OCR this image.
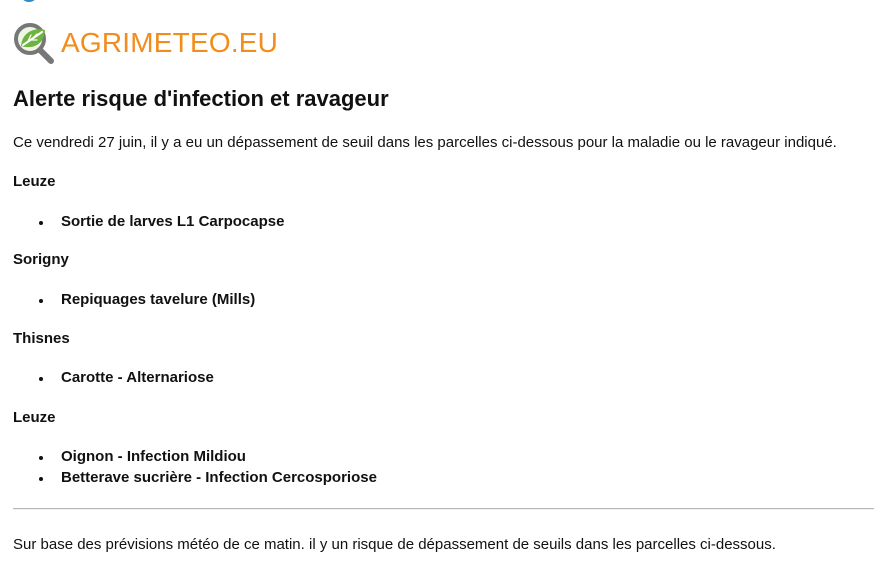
AGRIMETEO.EU
Alerte risque d'infection et ravageur

Ce vendredi 27 juin, il y a eu un dépassement de seuil dans les parcelles ci-dessous pour la maladie ou le ravageur indiqué.

Leuze

Sortie de larves L1 Carpocapse

Sorigny

Repiquages tavelure (Mills)

Thisnes

Carotte - Alternariose

Leuze

Oignon - Infection Mildiou
Betterave sucrière - Infection Cercosporiose

Sur base des prévisions météo de ce matin. il y un risque de dépassement de seuils dans les parcelles ci-dessous.
